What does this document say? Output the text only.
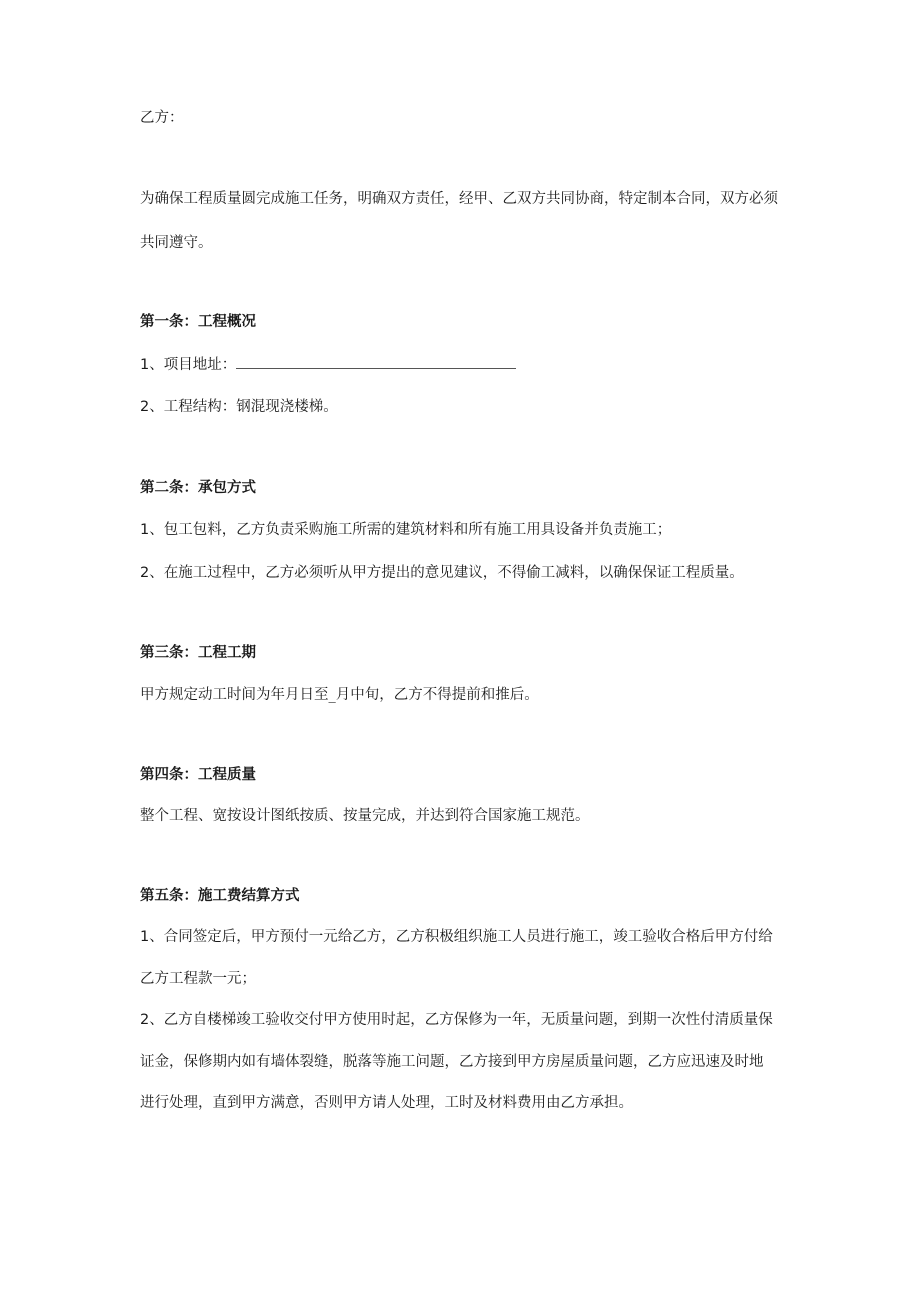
乙方：
为确保工程质量圆完成施工任务，明确双方责任，经甲、乙双方共同协商，特定制本合同，双方必须
共同遵守。
第一条：工程概况
1、项目地址：
2、工程结构：钢混现浇楼梯。
第二条：承包方式
1、包工包料，乙方负责采购施工所需的建筑材料和所有施工用具设备并负责施工；
2、在施工过程中，乙方必须听从甲方提出的意见建议，不得偷工减料，以确保保证工程质量。
第三条：工程工期
甲方规定动工时间为年月日至_月中旬，乙方不得提前和推后。
第四条：工程质量
整个工程、宽按设计图纸按质、按量完成，并达到符合国家施工规范。
第五条：施工费结算方式
1、合同签定后，甲方预付一元给乙方，乙方积极组织施工人员进行施工，竣工验收合格后甲方付给
乙方工程款一元；
2、乙方自楼梯竣工验收交付甲方使用时起，乙方保修为一年，无质量问题，到期一次性付清质量保
证金，保修期内如有墙体裂缝，脱落等施工问题，乙方接到甲方房屋质量问题，乙方应迅速及时地
进行处理，直到甲方满意，否则甲方请人处理，工时及材料费用由乙方承担。
